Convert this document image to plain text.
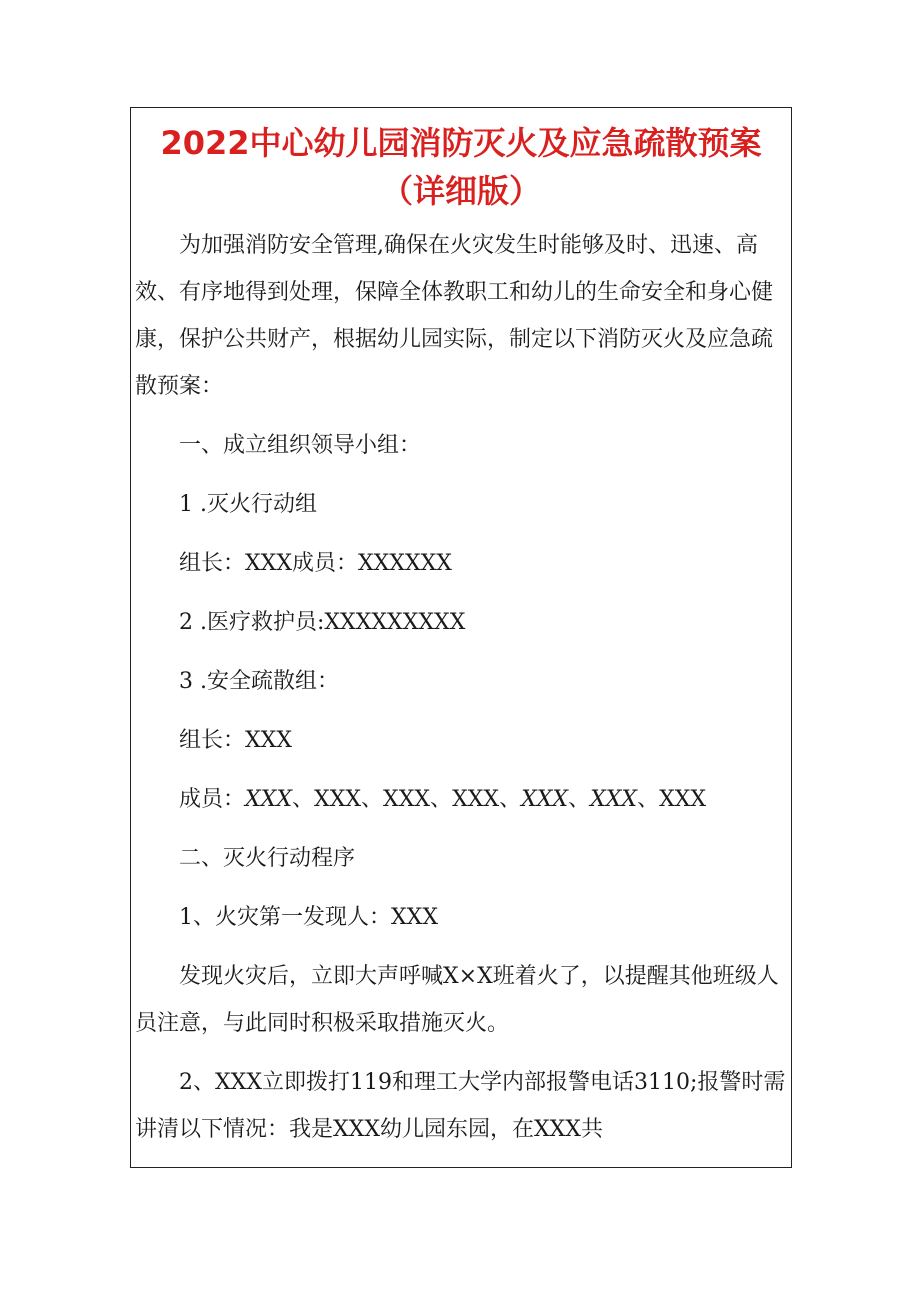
2022中心幼儿园消防灭火及应急疏散预案
（详细版）

为加强消防安全管理,确保在火灾发生时能够及时、迅速、高效、有序地得到处理，保障全体教职工和幼儿的生命安全和身心健康，保护公共财产，根据幼儿园实际，制定以下消防灭火及应急疏散预案：

一、成立组织领导小组：

1 .灭火行动组

组长：XXX成员：XXXXXX

2 .医疗救护员:XXXXXXXXX

3 .安全疏散组：

组长：XXX

成员：XXX、XXX、XXX、XXX、XXX、XXX、XXX

二、灭火行动程序

1、火灾第一发现人：XXX

发现火灾后，立即大声呼喊X×X班着火了，以提醒其他班级人员注意，与此同时积极采取措施灭火。

2、XXX立即拨打119和理工大学内部报警电话3110;报警时需讲清以下情况：我是XXX幼儿园东园，在XXX共
